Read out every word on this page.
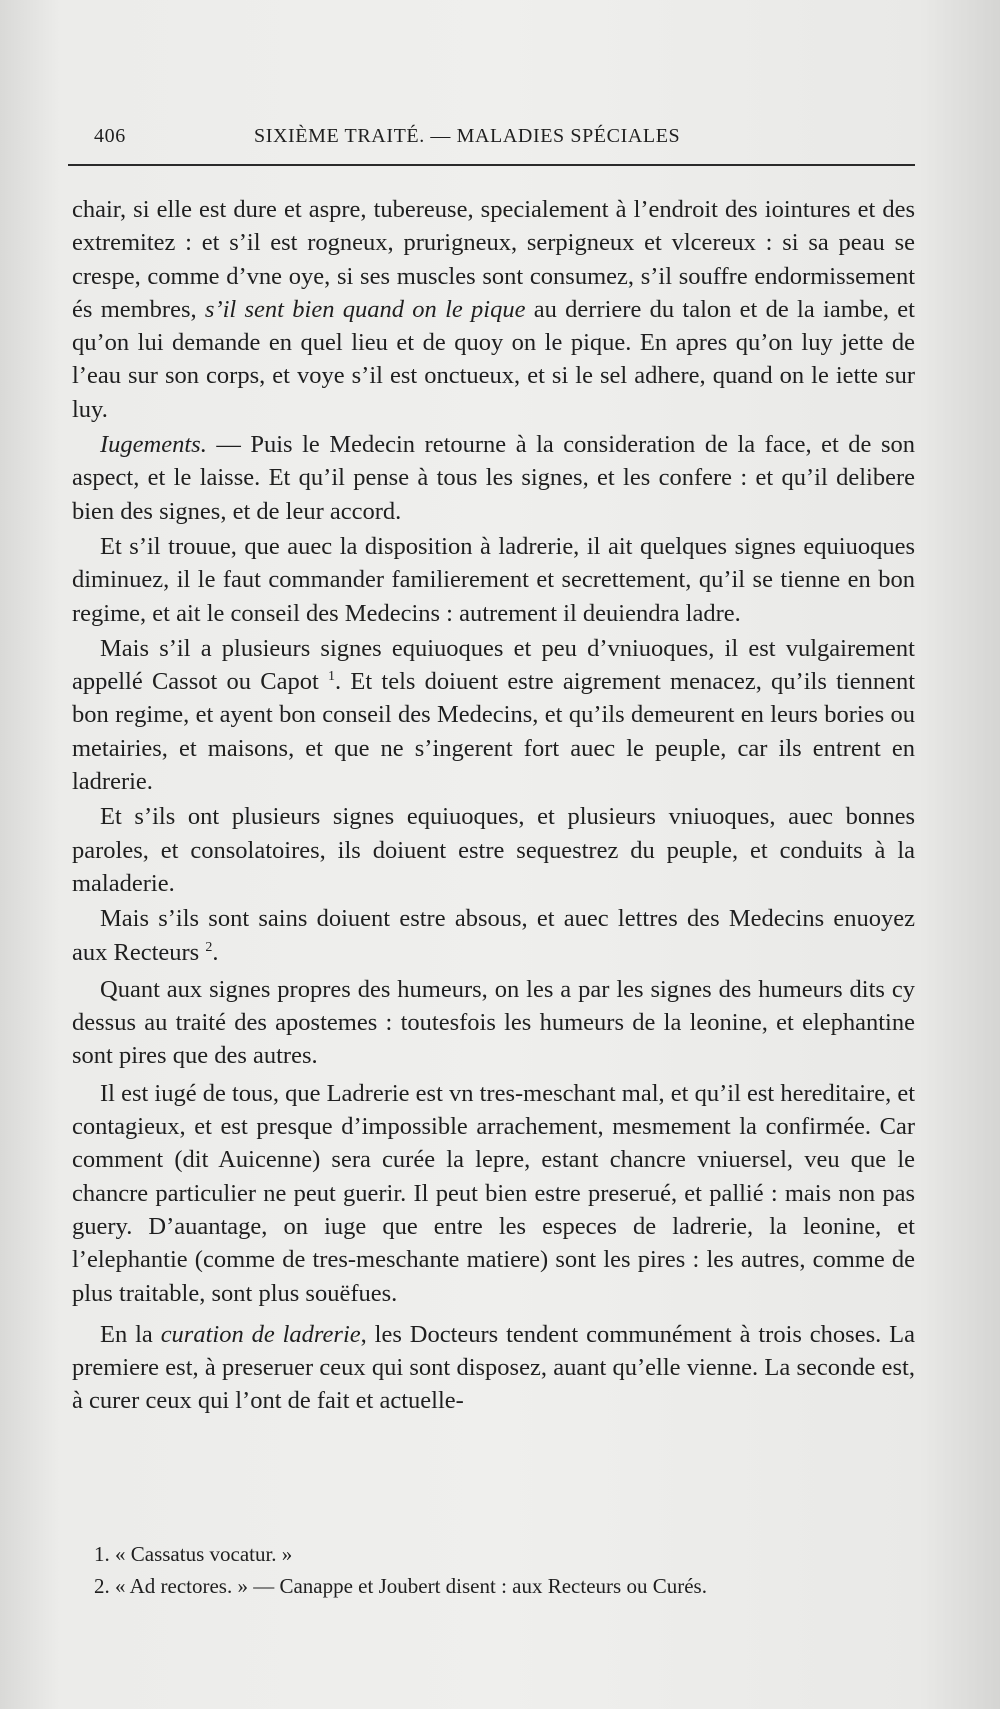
406	SIXIÈME TRAITÉ. — MALADIES SPÉCIALES

chair, si elle est dure et aspre, tubereuse, specialement à l’endroit des iointures et des extremitez : et s’il est rogneux, prurigneux, serpigneux et vlcereux : si sa peau se crespe, comme d’vne oye, si ses muscles sont consumez, s’il souffre endormissement és membres, s’il sent bien quand on le pique au derriere du talon et de la iambe, et qu’on lui demande en quel lieu et de quoy on le pique. En apres qu’on luy jette de l’eau sur son corps, et voye s’il est onctueux, et si le sel adhere, quand on le iette sur luy.

Iugements. — Puis le Medecin retourne à la consideration de la face, et de son aspect, et le laisse. Et qu’il pense à tous les signes, et les confere : et qu’il delibere bien des signes, et de leur accord.

Et s’il trouue, que auec la disposition à ladrerie, il ait quelques signes equiuoques diminuez, il le faut commander familierement et secrettement, qu’il se tienne en bon regime, et ait le conseil des Medecins : autrement il deuiendra ladre.

Mais s’il a plusieurs signes equiuoques et peu d’vniuoques, il est vulgairement appellé Cassot ou Capot $^1$. Et tels doiuent estre aigrement menacez, qu’ils tiennent bon regime, et ayent bon conseil des Medecins, et qu’ils demeurent en leurs bories ou metairies, et maisons, et que ne s’ingerent fort auec le peuple, car ils entrent en ladrerie.

Et s’ils ont plusieurs signes equiuoques, et plusieurs vniuoques, auec bonnes paroles, et consolatoires, ils doiuent estre sequestrez du peuple, et conduits à la maladerie.

Mais s’ils sont sains doiuent estre absous, et auec lettres des Medecins enuoyez aux Recteurs $^2$.

Quant aux signes propres des humeurs, on les a par les signes des humeurs dits cy dessus au traité des apostemes : toutesfois les humeurs de la leonine, et elephantine sont pires que des autres.

Il est iugé de tous, que Ladrerie est vn tres-meschant mal, et qu’il est hereditaire, et contagieux, et est presque d’impossible arrachement, mesmement la confirmée. Car comment (dit Auicenne) sera curée la lepre, estant chancre vniuersel, veu que le chancre particulier ne peut guerir. Il peut bien estre preserué, et pallié : mais non pas guery. D’auantage, on iuge que entre les especes de ladrerie, la leonine, et l’elephantie (comme de tres-meschante matiere) sont les pires : les autres, comme de plus traitable, sont plus souëfues.

En la curation de ladrerie, les Docteurs tendent communément à trois choses. La premiere est, à preseruer ceux qui sont disposez, auant qu’elle vienne. La seconde est, à curer ceux qui l’ont de fait et actuelle-

1. « Cassatus vocatur. »

2. « Ad rectores. » — Canappe et Joubert disent : aux Recteurs ou Curés.
